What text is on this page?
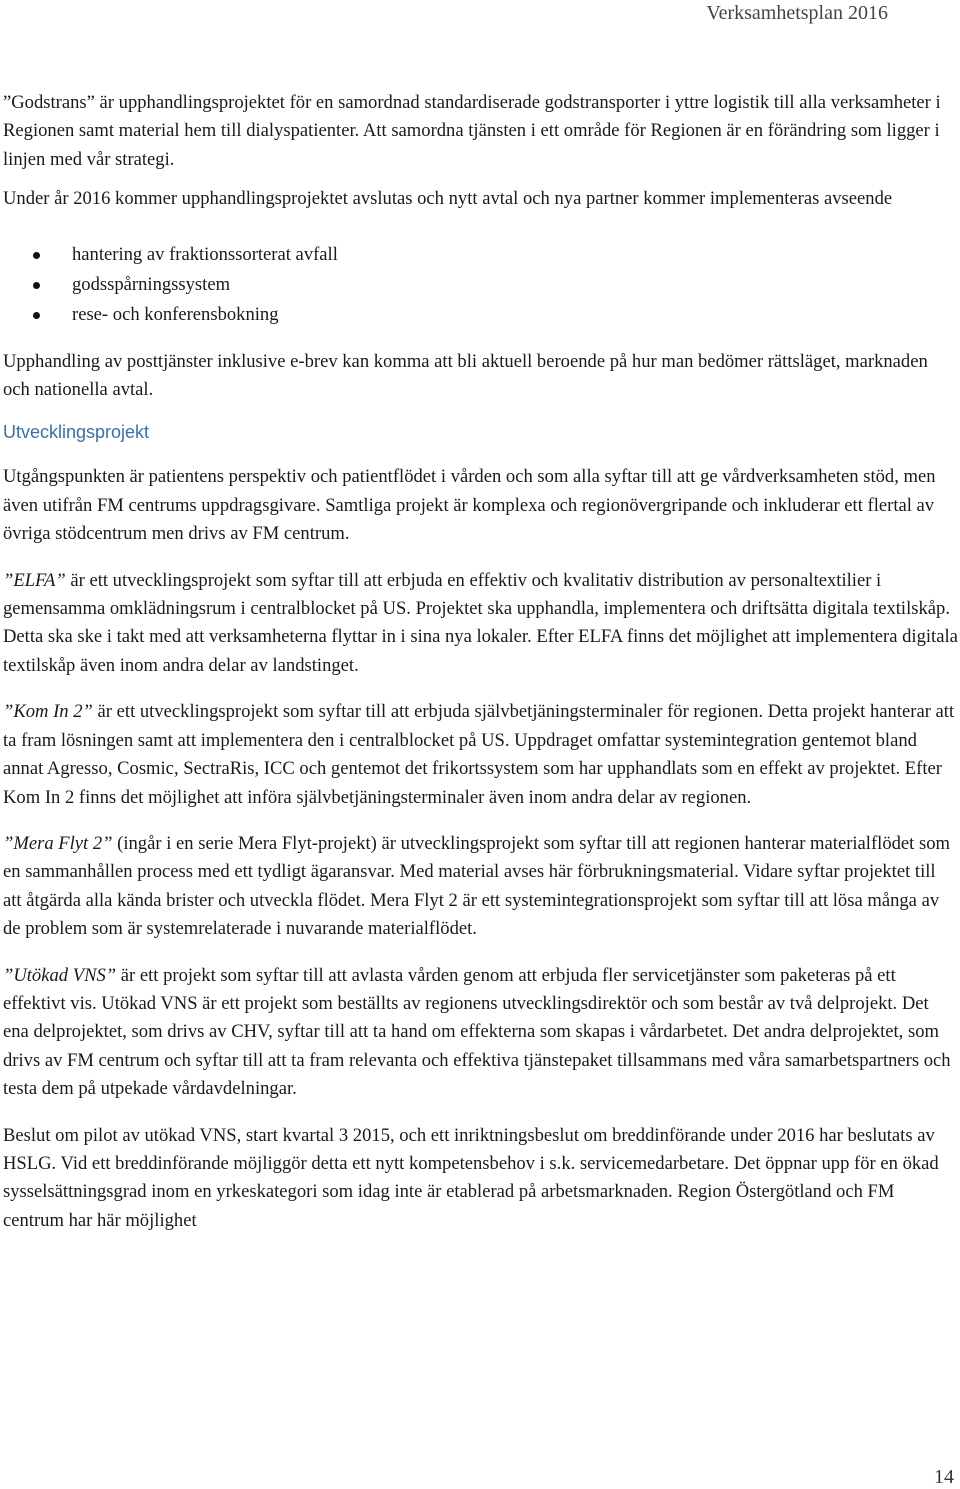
Verksamhetsplan 2016

”Godstrans” är upphandlingsprojektet för en samordnad standardiserade godstransporter i yttre logistik till alla verksamheter i Regionen samt material hem till dialyspatienter. Att samordna tjänsten i ett område för Regionen är en förändring som ligger i linjen med vår strategi.

Under år 2016 kommer upphandlingsprojektet avslutas och nytt avtal och nya partner kommer implementeras avseende

hantering av fraktionssorterat avfall
godsspårningssystem
rese- och konferensbokning

Upphandling av posttjänster inklusive e-brev kan komma att bli aktuell beroende på hur man bedömer rättsläget, marknaden och nationella avtal.

Utvecklingsprojekt

Utgångspunkten är patientens perspektiv och patientflödet i vården och som alla syftar till att ge vårdverksamheten stöd, men även utifrån FM centrums uppdragsgivare. Samtliga projekt är komplexa och regionövergripande och inkluderar ett flertal av övriga stödcentrum men drivs av FM centrum.

”ELFA” är ett utvecklingsprojekt som syftar till att erbjuda en effektiv och kvalitativ distribution av personaltextilier i gemensamma omklädningsrum i centralblocket på US. Projektet ska upphandla, implementera och driftsätta digitala textilskåp. Detta ska ske i takt med att verksamheterna flyttar in i sina nya lokaler. Efter ELFA finns det möjlighet att implementera digitala textilskåp även inom andra delar av landstinget.

”Kom In 2” är ett utvecklingsprojekt som syftar till att erbjuda självbetjäningsterminaler för regionen. Detta projekt hanterar att ta fram lösningen samt att implementera den i centralblocket på US. Uppdraget omfattar systemintegration gentemot bland annat Agresso, Cosmic, SectraRis, ICC och gentemot det frikortssystem som har upphandlats som en effekt av projektet. Efter Kom In 2 finns det möjlighet att införa självbetjäningsterminaler även inom andra delar av regionen.

”Mera Flyt 2” (ingår i en serie Mera Flyt-projekt) är utvecklingsprojekt som syftar till att regionen hanterar materialflödet som en sammanhållen process med ett tydligt ägaransvar. Med material avses här förbrukningsmaterial. Vidare syftar projektet till att åtgärda alla kända brister och utveckla flödet. Mera Flyt 2 är ett systemintegrationsprojekt som syftar till att lösa många av de problem som är systemrelaterade i nuvarande materialflödet.

”Utökad VNS” är ett projekt som syftar till att avlasta vården genom att erbjuda fler servicetjänster som paketeras på ett effektivt vis. Utökad VNS är ett projekt som beställts av regionens utvecklingsdirektör och som består av två delprojekt. Det ena delprojektet, som drivs av CHV, syftar till att ta hand om effekterna som skapas i vårdarbetet. Det andra delprojektet, som drivs av FM centrum och syftar till att ta fram relevanta och effektiva tjänstepaket tillsammans med våra samarbetspartners och testa dem på utpekade vårdavdelningar.

Beslut om pilot av utökad VNS, start kvartal 3 2015, och ett inriktningsbeslut om breddinförande under 2016 har beslutats av HSLG. Vid ett breddinförande möjliggör detta ett nytt kompetensbehov i s.k. servicemedarbetare. Det öppnar upp för en ökad sysselsättningsgrad inom en yrkeskategori som idag inte är etablerad på arbetsmarknaden. Region Östergötland och FM centrum har här möjlighet

14
